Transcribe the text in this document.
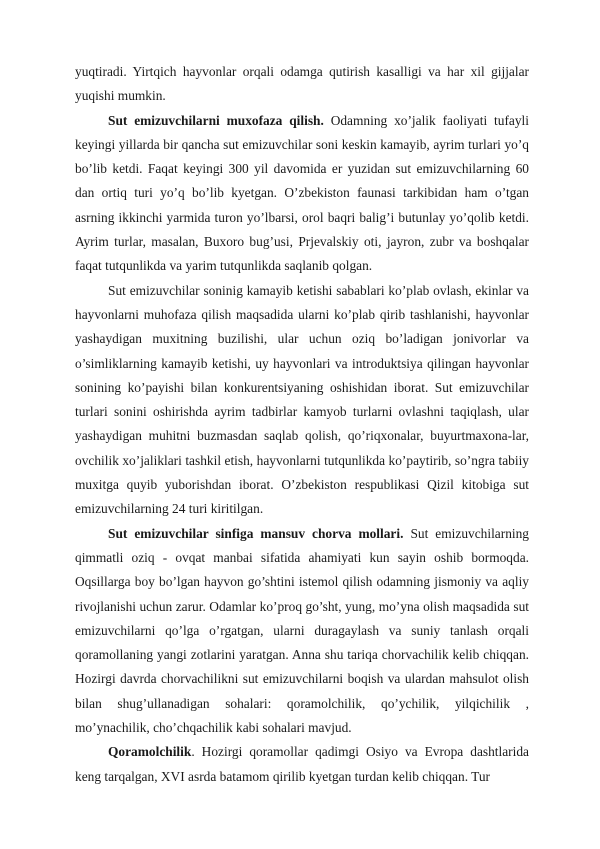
yuqtiradi. Yirtqich hayvonlar orqali odamga qutirish kasalligi va har xil gijjalar yuqishi mumkin.

Sut emizuvchilarni muxofaza qilish. Odamning xo’jalik faoliyati tufayli keyingi yillarda bir qancha sut emizuvchilar soni keskin kamayib, ayrim turlari yo’q bo’lib ketdi. Faqat keyingi 300 yil davomida er yuzidan sut emizuvchilarning 60 dan ortiq turi yo’q bo’lib kyetgan. O’zbekiston faunasi tarkibidan ham o’tgan asrning ikkinchi yarmida turon yo’lbarsi, orol baqri balig’i butunlay yo’qolib ketdi. Ayrim turlar, masalan, Buxoro bug’usi, Prjevalskiy oti, jayron, zubr va boshqalar faqat tutqunlikda va yarim tutqunlikda saqlanib qolgan.

Sut emizuvchilar soninig kamayib ketishi sabablari ko’plab ovlash, ekinlar va hayvonlarni muhofaza qilish maqsadida ularni ko’plab qirib tashlanishi, hayvonlar yashaydigan muxitning buzilishi, ular uchun oziq bo’ladigan jonivorlar va o’simliklarning kamayib ketishi, uy hayvonlari va introduktsiya qilingan hayvonlar sonining ko’payishi bilan konkurentsiyaning oshishidan iborat. Sut emizuvchilar turlari sonini oshirishda ayrim tadbirlar kamyob turlarni ovlashni taqiqlash, ular yashaydigan muhitni buzmasdan saqlab qolish, qo’riqxonalar, buyurtmaxona-lar, ovchilik xo’jaliklari tashkil etish, hayvonlarni tutqunlikda ko’paytirib, so’ngra tabiiy muxitga quyib yuborishdan iborat. O’zbekiston respublikasi Qizil kitobiga sut emizuvchilarning 24 turi kiritilgan.

Sut emizuvchilar sinfiga mansuv chorva mollari. Sut emizuvchilarning qimmatli oziq - ovqat manbai sifatida ahamiyati kun sayin oshib bormoqda. Oqsillarga boy bo’lgan hayvon go’shtini istemol qilish odamning jismoniy va aqliy rivojlanishi uchun zarur. Odamlar ko’proq go’sht, yung, mo’yna olish maqsadida sut emizuvchilarni qo’lga o’rgatgan, ularni duragaylash va suniy tanlash orqali qoramollaning yangi zotlarini yaratgan. Anna shu tariqa chorvachilik kelib chiqqan. Hozirgi davrda chorvachilikni sut emizuvchilarni boqish va ulardan mahsulot olish bilan shug’ullanadigan sohalari: qoramolchilik, qo’ychilik, yilqichilik , mo’ynachilik, cho’chqachilik kabi sohalari mavjud.

Qoramolchilik. Hozirgi qoramollar qadimgi Osiyo va Evropa dashtlarida keng tarqalgan, XVI asrda batamom qirilib kyetgan turdan kelib chiqqan. Tur
